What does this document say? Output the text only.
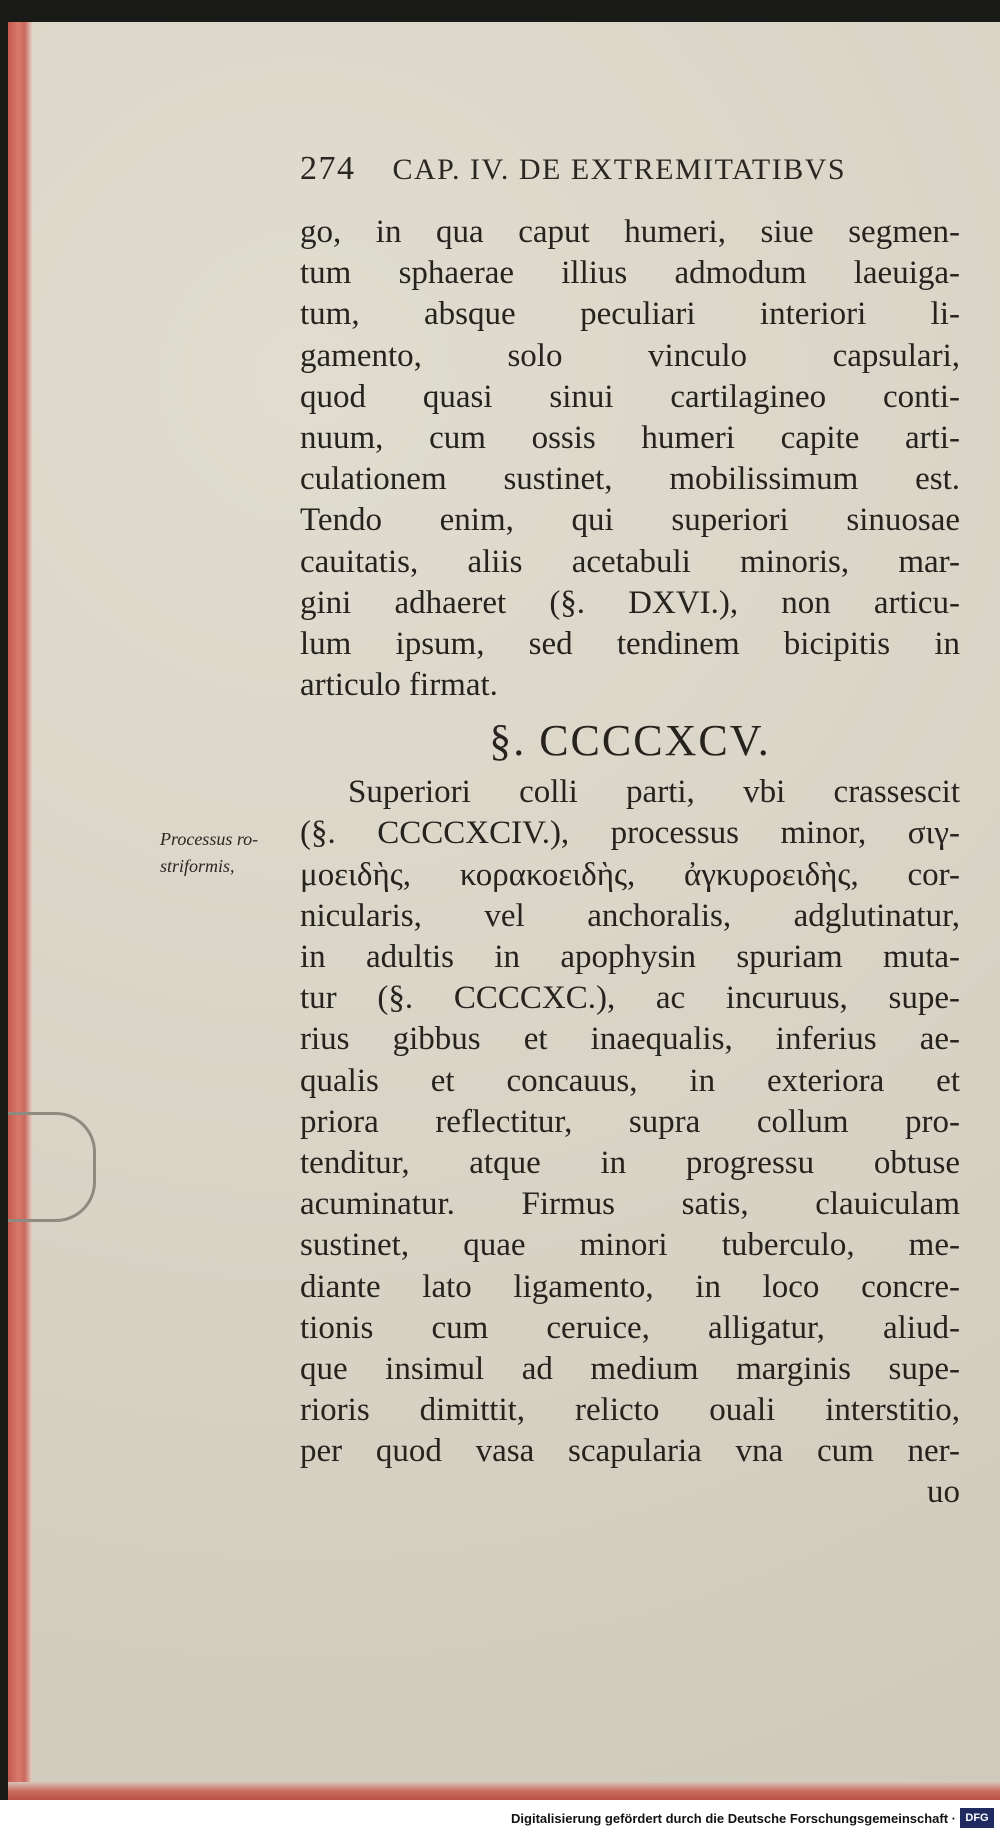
274 CAP. IV. DE EXTREMITATIBVS
Processus ro-
striformis,
go, in qua caput humeri, siue segmen-
tum sphaerae illius admodum laeuiga-
tum, absque peculiari interiori li-
gamento, solo vinculo capsulari,
quod quasi sinui cartilagineo conti-
nuum, cum ossis humeri capite arti-
culationem sustinet, mobilissimum est.
Tendo enim, qui superiori sinuosae
cauitatis, aliis acetabuli minoris, mar-
gini adhaeret (§. DXVI.), non articu-
lum ipsum, sed tendinem bicipitis in
articulo firmat.
§. CCCCXCV.
Superiori colli parti, vbi crassescit
(§. CCCCXCIV.), processus minor, σιγ-
μοειδὴς, κορακοειδὴς, ἀγκυροειδὴς, cor-
nicularis, vel anchoralis, adglutinatur,
in adultis in apophysin spuriam muta-
tur (§. CCCCXC.), ac incuruus, supe-
rius gibbus et inaequalis, inferius ae-
qualis et concauus, in exteriora et
priora reflectitur, supra collum pro-
tenditur, atque in progressu obtuse
acuminatur. Firmus satis, clauiculam
sustinet, quae minori tuberculo, me-
diante lato ligamento, in loco concre-
tionis cum ceruice, alligatur, aliud-
que insimul ad medium marginis supe-
rioris dimittit, relicto ouali interstitio,
per quod vasa scapularia vna cum ner-
uo
Digitalisierung gefördert durch die Deutsche Forschungsgemeinschaft · DFG
